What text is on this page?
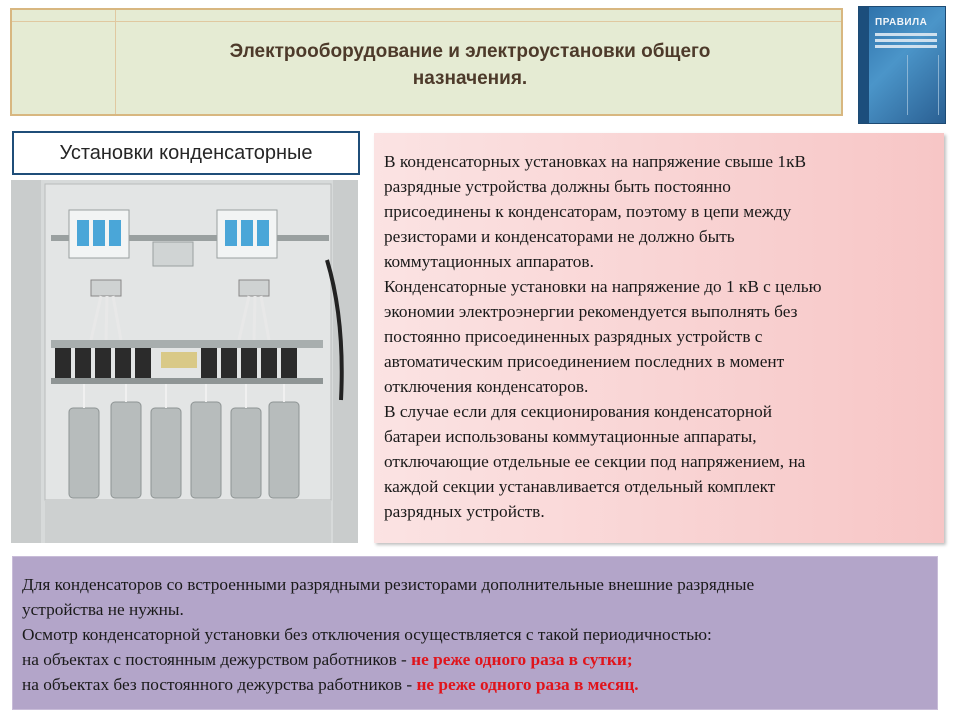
Электрооборудование и электроустановки общего
назначения.
ПРАВИЛА
Установки конденсаторные	В конденсаторных установках на напряжение свыше 1кВ

разрядные устройства должны быть постоянно

присоединены к конденсаторам, поэтому в цепи между

резисторами и конденсаторами не должно быть

коммутационных аппаратов.

Конденсаторные установки на напряжение до 1 кВ с целью

экономии электроэнергии рекомендуется выполнять без

постоянно присоединенных разрядных устройств с

автоматическим присоединением последних в момент

отключения конденсаторов.

В случае если для секционирования конденсаторной

батареи использованы коммутационные аппараты,

отключающие отдельные ее секции под напряжением, на

каждой секции устанавливается отдельный комплект

разрядных устройств.

Для конденсаторов со встроенными разрядными резисторами дополнительные внешние разрядные

устройства не нужны.

Осмотр конденсаторной установки без отключения осуществляется с такой периодичностью:

на объектах с постоянным дежурством работников - не реже одного раза в сутки;

на объектах без постоянного дежурства работников - не реже одного раза в месяц.
